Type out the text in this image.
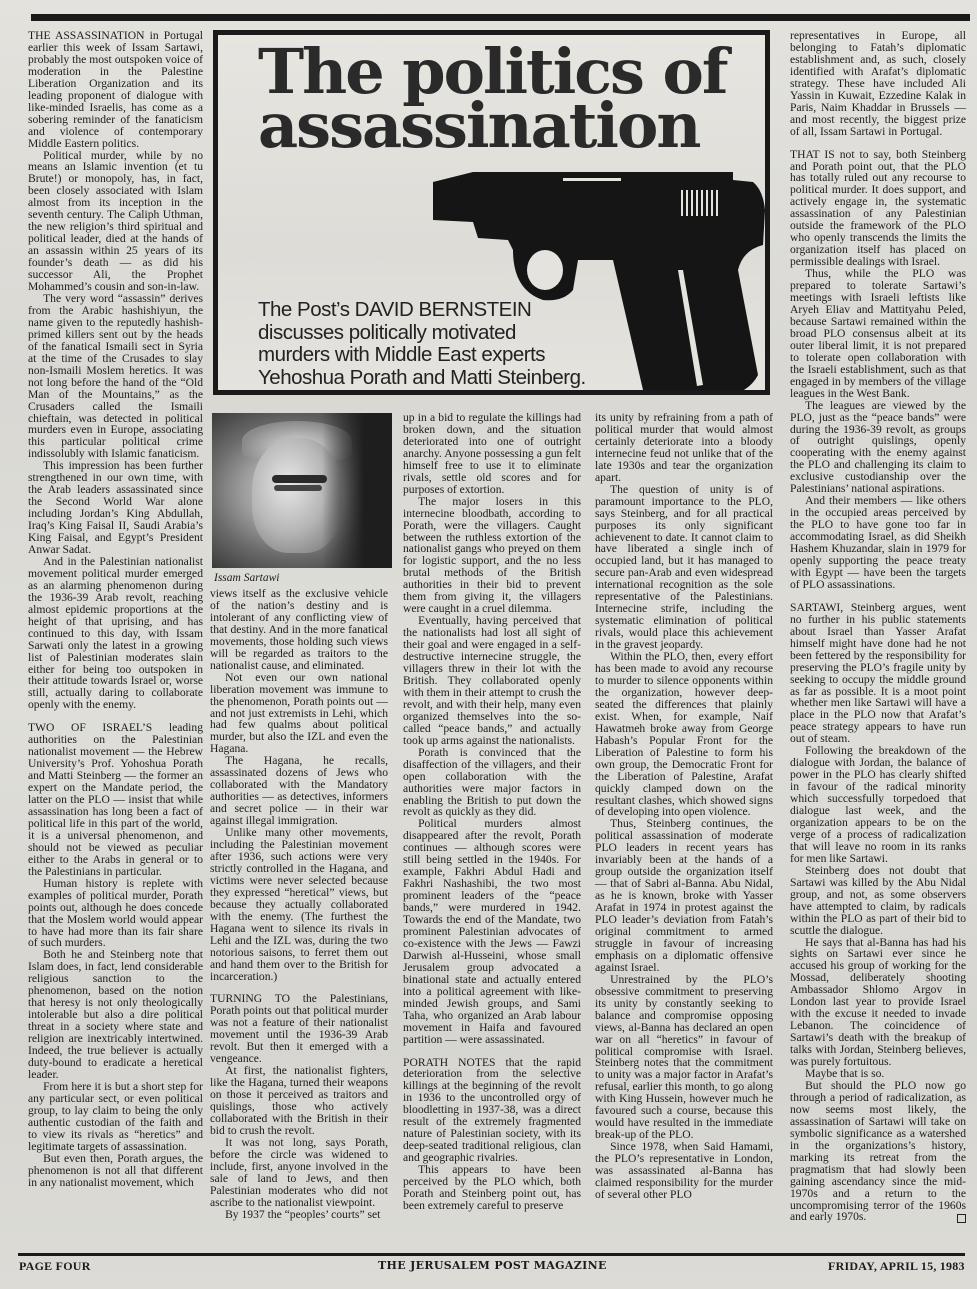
THE ASSASSINATION in Portugal earlier this week of Issam Sartawi, probably the most outspoken voice of moderation in the Palestine Liberation Organization and its leading proponent of dialogue with like-minded Israelis, has come as a sobering reminder of the fanaticism and violence of contemporary Middle Eastern politics.

Political murder, while by no means an Islamic invention (et tu Brute!) or monopoly, has, in fact, been closely associated with Islam almost from its inception in the seventh century. The Caliph Uthman, the new religion’s third spiritual and political leader, died at the hands of an assassin within 25 years of its founder’s death — as did his successor Ali, the Prophet Mohammed’s cousin and son-in-law.

The very word “assassin” derives from the Arabic hashishiyun, the name given to the reputedly hashish-primed killers sent out by the heads of the fanatical Ismaili sect in Syria at the time of the Crusades to slay non-Ismaili Moslem heretics. It was not long before the hand of the “Old Man of the Mountains,” as the Crusaders called the Ismaili chieftain, was detected in political murders even in Europe, associating this particular political crime indissolubly with Islamic fanaticism.

This impression has been further strengthened in our own time, with the Arab leaders assassinated since the Second World War alone including Jordan’s King Abdullah, Iraq’s King Faisal II, Saudi Arabia’s King Faisal, and Egypt’s President Anwar Sadat.

And in the Palestinian nationalist movement political murder emerged as an alarming phenomenon during the 1936-39 Arab revolt, reaching almost epidemic proportions at the height of that uprising, and has continued to this day, with Issam Sarwati only the latest in a growing list of Palestinian moderates slain either for being too outspoken in their attitude towards Israel or, worse still, actually daring to collaborate openly with the enemy.

TWO OF ISRAEL’S leading authorities on the Palestinian nationalist movement — the Hebrew University’s Prof. Yohoshua Porath and Matti Steinberg — the former an expert on the Mandate period, the latter on the PLO — insist that while assassination has long been a fact of political life in this part of the world, it is a universal phenomenon, and should not be viewed as peculiar either to the Arabs in general or to the Palestinians in particular.

Human history is replete with examples of political murder, Porath points out, although he does concede that the Moslem world would appear to have had more than its fair share of such murders.

Both he and Steinberg note that Islam does, in fact, lend considerable religious sanction to the phenomenon, based on the notion that heresy is not only theologically intolerable but also a dire political threat in a society where state and religion are inextricably intertwined. Indeed, the true believer is actually duty-bound to eradicate a heretical leader.

From here it is but a short step for any particular sect, or even political group, to lay claim to being the only authentic custodian of the faith and to view its rivals as “heretics” and legitimate targets of assassination.

But even then, Porath argues, the phenomenon is not all that different in any nationalist movement, which

The politics of
assassination
The Post’s DAVID BERNSTEIN
discusses politically motivated
murders with Middle East experts
Yehoshua Porath and Matti Steinberg.
Issam Sartawi

views itself as the exclusive vehicle of the nation’s destiny and is intolerant of any conflicting view of that destiny. And in the more fanatical movements, those holding such views will be regarded as traitors to the nationalist cause, and eliminated.

Not even our own national liberation movement was immune to the phenomenon, Porath points out — and not just extremists in Lehi, which had few qualms about political murder, but also the IZL and even the Hagana.

The Hagana, he recalls, assassinated dozens of Jews who collaborated with the Mandatory authorities — as detectives, informers and secret police — in their war against illegal immigration.

Unlike many other movements, including the Palestinian movement after 1936, such actions were very strictly controlled in the Hagana, and victims were never selected because they expressed “heretical” views, but because they actually collaborated with the enemy. (The furthest the Hagana went to silence its rivals in Lehi and the IZL was, during the two notorious saisons, to ferret them out and hand them over to the British for incarceration.)

TURNING TO the Palestinians, Porath points out that political murder was not a feature of their nationalist movement until the 1936-39 Arab revolt. But then it emerged with a vengeance.

At first, the nationalist fighters, like the Hagana, turned their weapons on those it perceived as traitors and quislings, those who actively collaborated with the British in their bid to crush the revolt.

It was not long, says Porath, before the circle was widened to include, first, anyone involved in the sale of land to Jews, and then Palestinian moderates who did not ascribe to the nationalist viewpoint.

By 1937 the “peoples’ courts” set

up in a bid to regulate the killings had broken down, and the situation deteriorated into one of outright anarchy. Anyone possessing a gun felt himself free to use it to eliminate rivals, settle old scores and for purposes of extortion.

The major losers in this internecine bloodbath, according to Porath, were the villagers. Caught between the ruthless extortion of the nationalist gangs who preyed on them for logistic support, and the no less brutal methods of the British authorities in their bid to prevent them from giving it, the villagers were caught in a cruel dilemma.

Eventually, having perceived that the nationalists had lost all sight of their goal and were engaged in a self-destructive internecine struggle, the villagers threw in their lot with the British. They collaborated openly with them in their attempt to crush the revolt, and with their help, many even organized themselves into the so-called “peace bands,” and actually took up arms against the nationalists.

Porath is convinced that the disaffection of the villagers, and their open collaboration with the authorities were major factors in enabling the British to put down the revolt as quickly as they did.

Political murders almost disappeared after the revolt, Porath continues — although scores were still being settled in the 1940s. For example, Fakhri Abdul Hadi and Fakhri Nashashibi, the two most prominent leaders of the “peace bands,” were murdered in 1942. Towards the end of the Mandate, two prominent Palestinian advocates of co-existence with the Jews — Fawzi Darwish al-Husseini, whose small Jerusalem group advocated a binational state and actually entered into a political agreement with like-minded Jewish groups, and Sami Taha, who organized an Arab labour movement in Haifa and favoured partition — were assassinated.

PORATH NOTES that the rapid deterioration from the selective killings at the beginning of the revolt in 1936 to the uncontrolled orgy of bloodletting in 1937-38, was a direct result of the extremely fragmented nature of Palestinian society, with its deep-seated traditional religious, clan and geographic rivalries.

This appears to have been perceived by the PLO which, both Porath and Steinberg point out, has been extremely careful to preserve

its unity by refraining from a path of political murder that would almost certainly deteriorate into a bloody internecine feud not unlike that of the late 1930s and tear the organization apart.

The question of unity is of paramount importance to the PLO, says Steinberg, and for all practical purposes its only significant achievenent to date. It cannot claim to have liberated a single inch of occupied land, but it has managed to secure pan-Arab and even widespread international recognition as the sole representative of the Palestinians. Internecine strife, including the systematic elimination of political rivals, would place this achievement in the gravest jeopardy.

Within the PLO, then, every effort has been made to avoid any recourse to murder to silence opponents within the organization, however deep-seated the differences that plainly exist. When, for example, Naif Hawatmeh broke away from George Habash’s Popular Front for the Liberation of Palestine to form his own group, the Democratic Front for the Liberation of Palestine, Arafat quickly clamped down on the resultant clashes, which showed signs of developing into open violence.

Thus, Steinberg continues, the political assassination of moderate PLO leaders in recent years has invariably been at the hands of a group outside the organization itself — that of Sabri al-Banna. Abu Nidal, as he is known, broke with Yasser Arafat in 1974 in protest against the PLO leader’s deviation from Fatah’s original commitment to armed struggle in favour of increasing emphasis on a diplomatic offensive against Israel.

Unrestrained by the PLO’s obsessive commitment to preserving its unity by constantly seeking to balance and compromise opposing views, al-Banna has declared an open war on all “heretics” in favour of political compromise with Israel. Steinberg notes that the commitment to unity was a major factor in Arafat’s refusal, earlier this month, to go along with King Hussein, however much he favoured such a course, because this would have resulted in the immediate break-up of the PLO.

Since 1978, when Said Hamami, the PLO’s representative in London, was assassinated al-Banna has claimed responsibility for the murder of several other PLO

representatives in Europe, all belonging to Fatah’s diplomatic establishment and, as such, closely identified with Arafat’s diplomatic strategy. These have included Ali Yassin in Kuwait, Ezzedine Kalak in Paris, Naim Khaddar in Brussels — and most recently, the biggest prize of all, Issam Sartawi in Portugal.

THAT IS not to say, both Steinberg and Porath point out, that the PLO has totally ruled out any recourse to political murder. It does support, and actively engage in, the systematic assassination of any Palestinian outside the framework of the PLO who openly transcends the limits the organization itself has placed on permissible dealings with Israel.

Thus, while the PLO was prepared to tolerate Sartawi’s meetings with Israeli leftists like Aryeh Eliav and Mattityahu Peled, because Sartawi remained within the broad PLO consensus albeit at its outer liberal limit, it is not prepared to tolerate open collaboration with the Israeli establishment, such as that engaged in by members of the village leagues in the West Bank.

The leagues are viewed by the PLO, just as the “peace bands” were during the 1936-39 revolt, as groups of outright quislings, openly cooperating with the enemy against the PLO and challenging its claim to exclusive custodianship over the Palestinians’ national aspirations.

And their members — like others in the occupied areas perceived by the PLO to have gone too far in accommodating Israel, as did Sheikh Hashem Khuzandar, slain in 1979 for openly supporting the peace treaty with Egypt — have been the targets of PLO assassinations.

SARTAWI, Steinberg argues, went no further in his public statements about Israel than Yasser Arafat himself might have done had he not been fettered by the responsibility for preserving the PLO’s fragile unity by seeking to occupy the middle ground as far as possible. It is a moot point whether men like Sartawi will have a place in the PLO now that Arafat’s peace strategy appears to have run out of steam.

Following the breakdown of the dialogue with Jordan, the balance of power in the PLO has clearly shifted in favour of the radical minority which successfully torpedoed that dialogue last week, and the organization appears to be on the verge of a process of radicalization that will leave no room in its ranks for men like Sartawi.

Steinberg does not doubt that Sartawi was killed by the Abu Nidal group, and not, as some observers have attempted to claim, by radicals within the PLO as part of their bid to scuttle the dialogue.

He says that al-Banna has had his sights on Sartawi ever since he accused his group of working for the Mossad, deliberately shooting Ambassador Shlomo Argov in London last year to provide Israel with the excuse it needed to invade Lebanon. The coincidence of Sartawi’s death with the breakup of talks with Jordan, Steinberg believes, was purely fortuitous.

Maybe that is so.

But should the PLO now go through a period of radicalization, as now seems most likely, the assassination of Sartawi will take on symbolic significance as a watershed in the organizations’s history, marking its retreat from the pragmatism that had slowly been gaining ascendancy since the mid-1970s and a return to the uncompromising terror of the 1960s and early 1970s.

PAGE FOUR	THE JERUSALEM POST MAGAZINE	FRIDAY, APRIL 15, 1983
